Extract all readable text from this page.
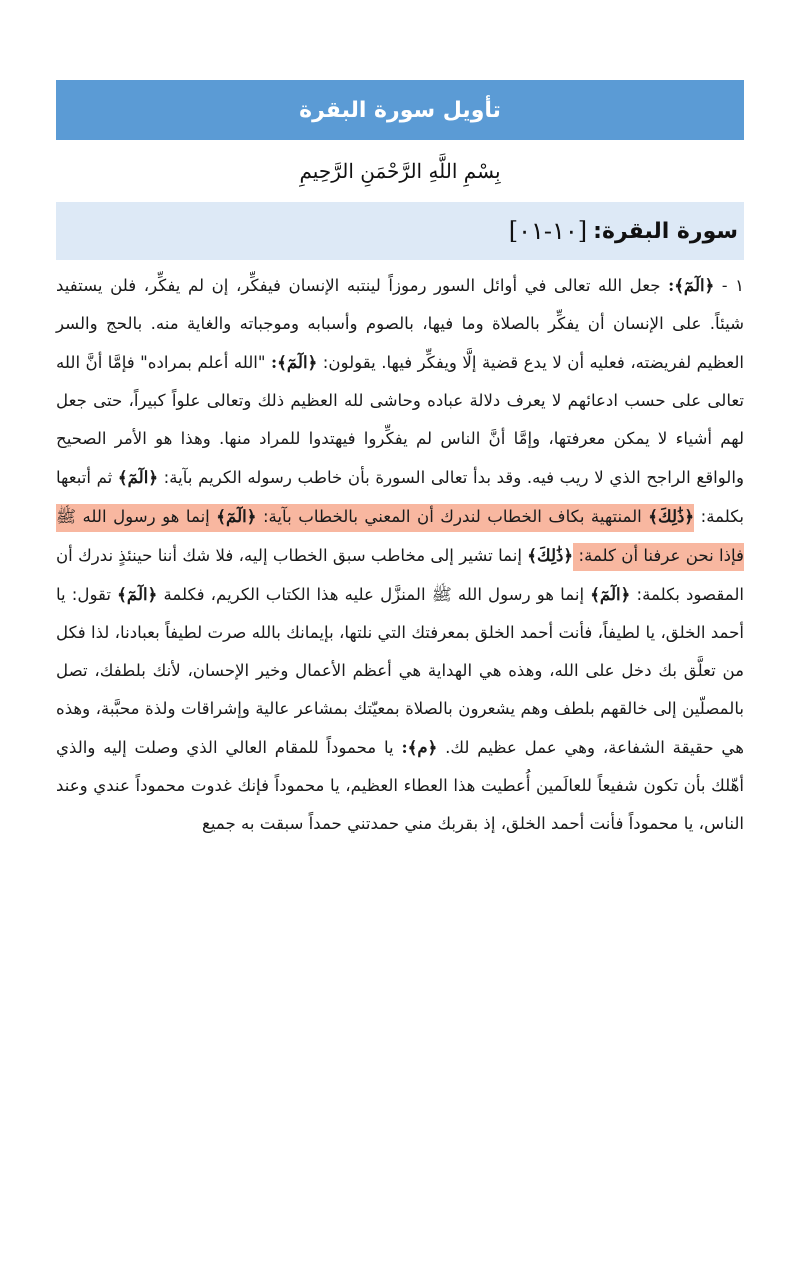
تأويل سورة البقرة
بِسْمِ اللَّهِ الرَّحْمَنِ الرَّحِيمِ
سورة البقرة:
[١٠-٠١]
١ - ﴿الٓمٓ﴾: جعل الله تعالى في أوائل السور رموزاً لينتبه الإنسان فيفكِّر، إن لم يفكِّر، فلن يستفيد شيئاً. على الإنسان أن يفكِّر بالصلاة وما فيها، بالصوم وأسبابه وموجباته والغاية منه. بالحج والسر العظيم لفريضته، فعليه أن لا يدع قضية إلَّا ويفكِّر فيها. يقولون: ﴿الٓمٓ﴾: "الله أعلم بمراده" فإمَّا أنَّ الله تعالى على حسب ادعائهم لا يعرف دلالة عباده وحاشى لله العظيم ذلك وتعالى علواً كبيراً، حتى جعل لهم أشياء لا يمكن معرفتها، وإمَّا أنَّ الناس لم يفكِّروا فيهتدوا للمراد منها. وهذا هو الأمر الصحيح والواقع الراجح الذي لا ريب فيه. وقد بدأ تعالى السورة بأن خاطب رسوله الكريم بآية: ﴿الٓمٓ﴾ ثم أتبعها بكلمة: ﴿ذَٰلِكَ﴾ المنتهية بكاف الخطاب لندرك أن المعني بالخطاب بآية: ﴿الٓمٓ﴾ إنما هو رسول الله ﷺ فإذا نحن عرفنا أن كلمة: ﴿ذَٰلِكَ﴾ إنما تشير إلى مخاطب سبق الخطاب إليه، فلا شك أننا حينئذٍ ندرك أن المقصود بكلمة: ﴿الٓمٓ﴾ إنما هو رسول الله ﷺ المنزَّل عليه هذا الكتاب الكريم، فكلمة ﴿الٓمٓ﴾ تقول: يا أحمد الخلق، يا لطيفاً، فأنت أحمد الخلق بمعرفتك التي نلتها، بإيمانك بالله صرت لطيفاً بعبادنا، لذا فكل من تعلَّق بك دخل على الله، وهذه هي الهداية هي أعظم الأعمال وخير الإحسان، لأنك بلطفك، تصل بالمصلّين إلى خالقهم بلطف وهم يشعرون بالصلاة بمعيّتك بمشاعر عالية وإشراقات ولذة محبَّبة، وهذه هي حقيقة الشفاعة، وهي عمل عظيم لك. ﴿م﴾: يا محموداً للمقام العالي الذي وصلت إليه والذي أهّلك بأن تكون شفيعاً للعالَمين أُعطيت هذا العطاء العظيم، يا محموداً فإنك غدوت محموداً عندي وعند الناس، يا محموداً فأنت أحمد الخلق، إذ بقربك مني حمدتني حمداً سبقت به جميع
